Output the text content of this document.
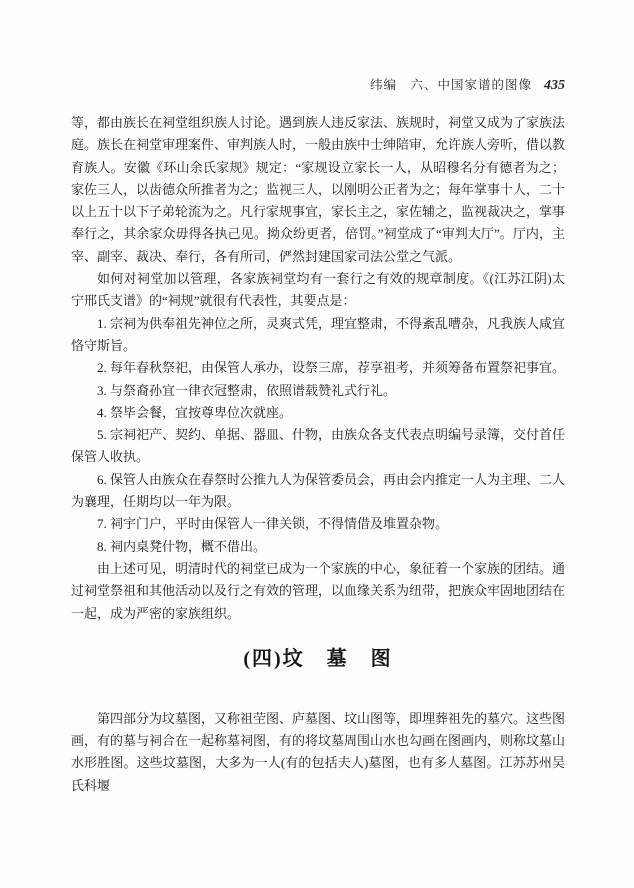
纬编　六、中国家谱的图像 435

等，都由族长在祠堂组织族人讨论。遇到族人违反家法、族规时，祠堂又成为了家族法庭。族长在祠堂审理案件、审判族人时，一般由族中士绅陪审，允许族人旁听，借以教育族人。安徽《环山余氏家规》规定：“家规设立家长一人，从昭穆名分有德者为之；家佐三人，以齿德众所推者为之；监视三人，以刚明公正者为之；每年掌事十人，二十以上五十以下子弟轮流为之。凡行家规事宜，家长主之，家佐辅之，监视裁决之，掌事奉行之，其余家众毋得各执己见。拗众纷更者，倍罚。”祠堂成了“审判大厅”。厅内，主宰、副宰、裁决、奉行，各有所司，俨然封建国家司法公堂之气派。

如何对祠堂加以管理，各家族祠堂均有一套行之有效的规章制度。《(江苏江阴)太宁邢氏支谱》的“祠规”就很有代表性，其要点是：

1. 宗祠为供奉祖先神位之所，灵爽式凭，理宜整肃，不得紊乱嘈杂，凡我族人咸宜恪守斯旨。

2. 每年春秋祭祀，由保管人承办，设祭三席，荐享祖考，并须筹备布置祭祀事宜。

3. 与祭裔孙宜一律衣冠整肃，依照谱载赞礼式行礼。

4. 祭毕会餐，宜按尊卑位次就座。

5. 宗祠祀产、契约、单据、器皿、什物，由族众各支代表点明编号录簿，交付首任保管人收执。

6. 保管人由族众在春祭时公推九人为保管委员会，再由会内推定一人为主理、二人为襄理，任期均以一年为限。

7. 祠宇门户，平时由保管人一律关锁，不得情借及堆置杂物。

8. 祠内桌凳什物，概不借出。

由上述可见，明清时代的祠堂已成为一个家族的中心，象征着一个家族的团结。通过祠堂祭祖和其他活动以及行之有效的管理，以血缘关系为纽带，把族众牢固地团结在一起，成为严密的家族组织。

(四)坟　墓　图

第四部分为坟墓图，又称祖茔图、庐墓图、坟山图等，即埋葬祖先的墓穴。这些图画，有的墓与祠合在一起称墓祠图，有的将坟墓周围山水也勾画在图画内，则称坟墓山水形胜图。这些坟墓图，大多为一人(有的包括夫人)墓图，也有多人墓图。江苏苏州吴氏科堰
